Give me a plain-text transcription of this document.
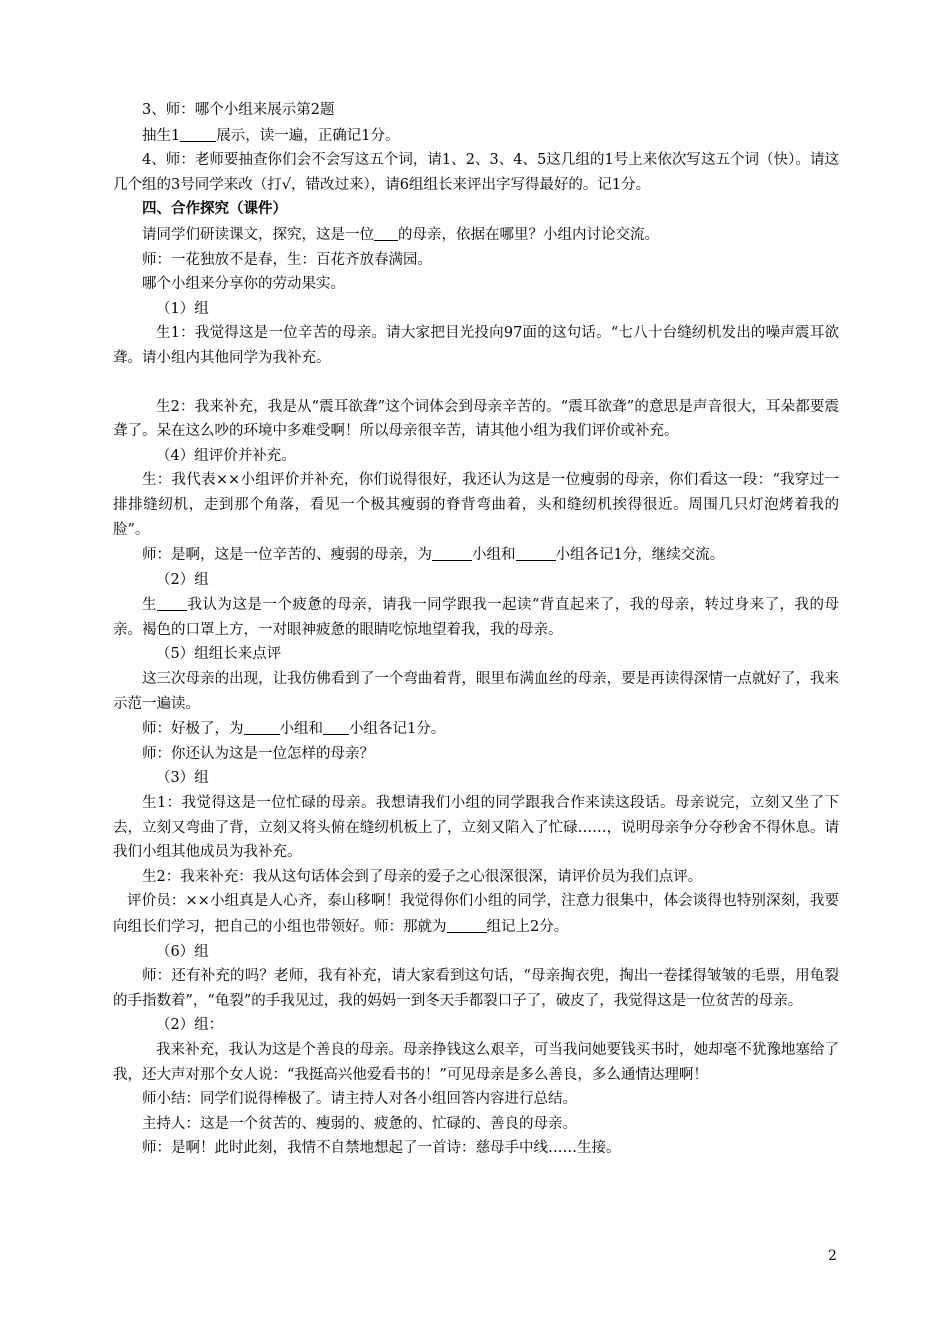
3、师：哪个小组来展示第2题

抽生1 展示，读一遍，正确记1分。

4、师：老师要抽查你们会不会写这五个词，请1、2、3、4、5这几组的1号上来依次写这五个词（快）。请这几个组的3号同学来改（打√，错改过来），请6组组长来评出字写得最好的。记1分。

四、合作探究（课件）

请同学们研读课文，探究，这是一位 的母亲，依据在哪里？小组内讨论交流。

师：一花独放不是春，生：百花齐放春满园。

哪个小组来分享你的劳动果实。

（1）组

生1：我觉得这是一位辛苦的母亲。请大家把目光投向97面的这句话。“七八十台缝纫机发出的噪声震耳欲聋。请小组内其他同学为我补充。

生2：我来补充，我是从“震耳欲聋”这个词体会到母亲辛苦的。“震耳欲聋”的意思是声音很大，耳朵都要震聋了。呆在这么吵的环境中多难受啊！所以母亲很辛苦，请其他小组为我们评价或补充。

（4）组评价并补充。

生：我代表××小组评价并补充，你们说得很好，我还认为这是一位瘦弱的母亲，你们看这一段：“我穿过一排排缝纫机，走到那个角落，看见一个极其瘦弱的脊背弯曲着，头和缝纫机挨得很近。周围几只灯泡烤着我的脸”。

师：是啊，这是一位辛苦的、瘦弱的母亲，为	小组和	小组各记1分，继续交流。

（2）组

生 我认为这是一个疲惫的母亲，请我一同学跟我一起读“背直起来了，我的母亲，转过身来了，我的母亲。褐色的口罩上方，一对眼神疲惫的眼睛吃惊地望着我，我的母亲。

（5）组组长来点评

这三次母亲的出现，让我仿佛看到了一个弯曲着背，眼里布满血丝的母亲，要是再读得深情一点就好了，我来示范一遍读。

师：好极了，为 小组和 小组各记1分。

师：你还认为这是一位怎样的母亲？

（3）组

生1：我觉得这是一位忙碌的母亲。我想请我们小组的同学跟我合作来读这段话。母亲说完，立刻又坐了下去，立刻又弯曲了背，立刻又将头俯在缝纫机板上了，立刻又陷入了忙碌……，说明母亲争分夺秒舍不得休息。请我们小组其他成员为我补充。

生2：我来补充：我从这句话体会到了母亲的爱子之心很深很深，请评价员为我们点评。

评价员：××小组真是人心齐，泰山移啊！我觉得你们小组的同学，注意力很集中，体会谈得也特别深刻，我要向组长们学习，把自己的小组也带领好。师：那就为	组记上2分。

（6）组

师：还有补充的吗？老师，我有补充，请大家看到这句话，“母亲掏衣兜，掏出一卷揉得皱皱的毛票，用龟裂的手指数着”，“龟裂”的手我见过，我的妈妈一到冬天手都裂口子了，破皮了，我觉得这是一位贫苦的母亲。

（2）组：

我来补充，我认为这是个善良的母亲。母亲挣钱这么艰辛，可当我问她要钱买书时，她却毫不犹豫地塞给了我，还大声对那个女人说：“我挺高兴他爱看书的！”可见母亲是多么善良，多么通情达理啊！

师小结：同学们说得棒极了。请主持人对各小组回答内容进行总结。

主持人：这是一个贫苦的、瘦弱的、疲惫的、忙碌的、善良的母亲。

师：是啊！此时此刻，我情不自禁地想起了一首诗：慈母手中线……生接。

2
